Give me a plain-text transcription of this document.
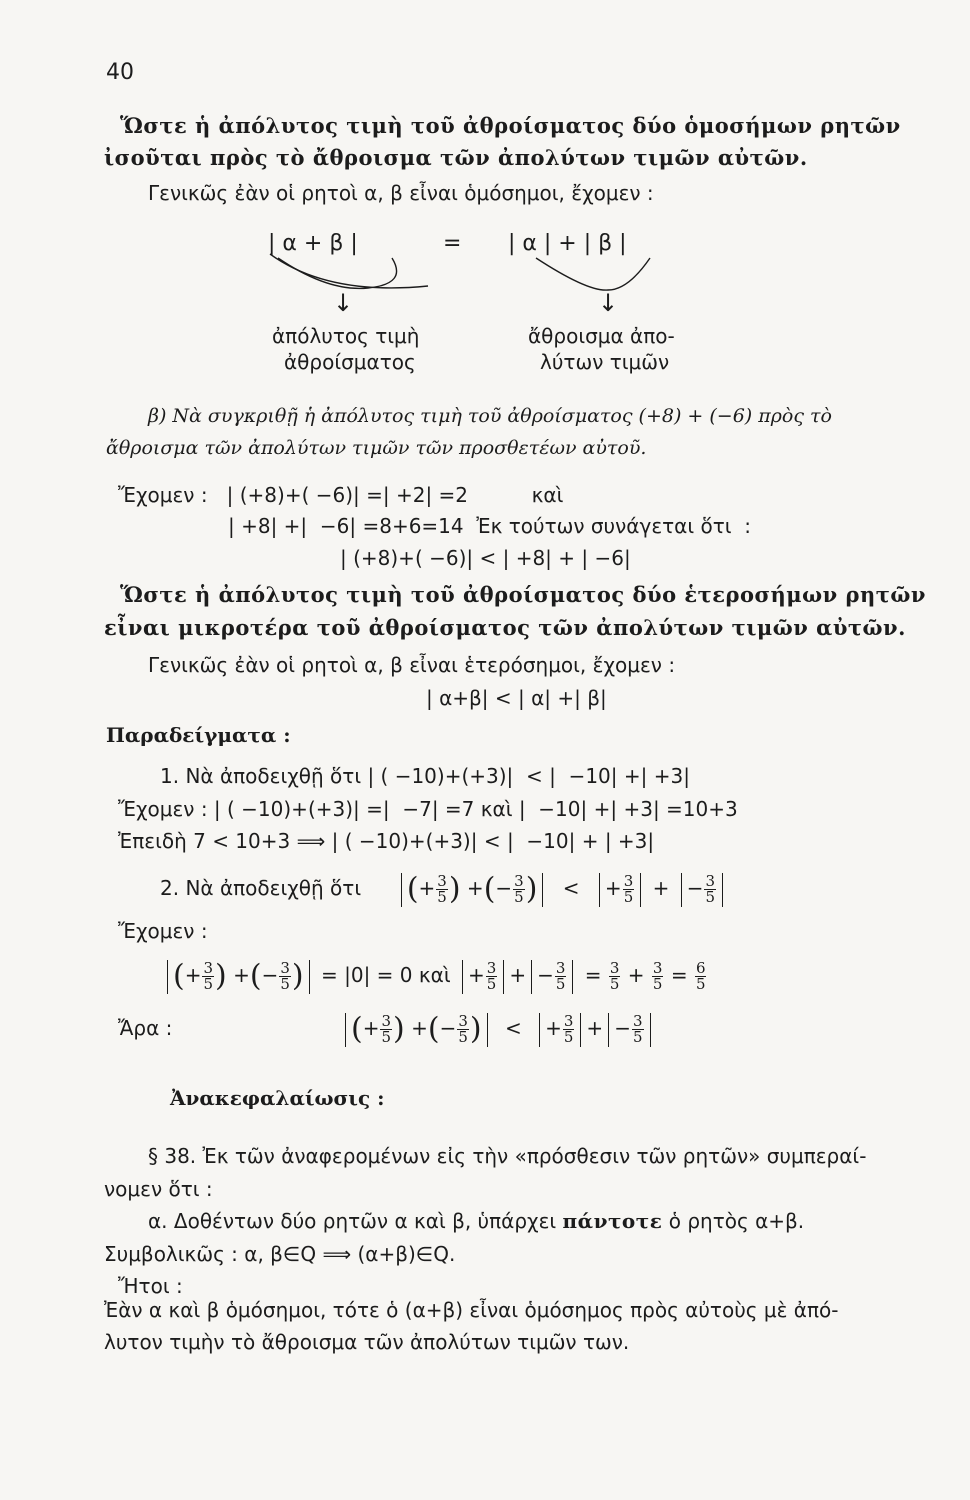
40
Ὥστε ἡ ἀπόλυτος τιμὴ τοῦ ἀθροίσματος δύο ὁμοσήμων ρητῶν
ἰσοῦται πρὸς τὸ ἄθροισμα τῶν ἀπολύτων τιμῶν αὐτῶν.
Γενικῶς ἐὰν οἱ ρητοὶ α, β εἶναι ὁμόσημοι, ἔχομεν :
| α + β |	= | α | + | β |
↓	↓
ἀπόλυτος τιμὴ
ἀθροίσματος
ἄθροισμα ἀπο-
λύτων τιμῶν
β) Νὰ συγκριθῇ ἡ ἀπόλυτος τιμὴ τοῦ ἀθροίσματος (+8) + (−6) πρὸς τὸ
ἄθροισμα τῶν ἀπολύτων τιμῶν τῶν προσθετέων αὐτοῦ.
Ἔχομεν :   | (+8)+( −6)| =| +2| =2          καὶ
| +8| +|  −6| =8+6=14  Ἐκ τούτων συνάγεται ὅτι  :
| (+8)+( −6)| < | +8| + | −6|
Ὥστε ἡ ἀπόλυτος τιμὴ τοῦ ἀθροίσματος δύο ἑτεροσήμων ρητῶν
εἶναι μικροτέρα τοῦ ἀθροίσματος τῶν ἀπολύτων τιμῶν αὐτῶν.
Γενικῶς ἐὰν οἱ ρητοὶ α, β εἶναι ἑτερόσημοι, ἔχομεν :
| α+β| < | α| +| β|
Παραδείγματα :
1. Νὰ ἀποδειχθῇ ὅτι | ( −10)+(+3)|  < |  −10| +| +3|
Ἔχομεν : | ( −10)+(+3)| =|  −7| =7 καὶ |  −10| +| +3| =10+3
Ἐπειδὴ 7 < 10+3 ⟹ | ( −10)+(+3)| < |  −10| + | +3|
2. Νὰ ἀποδειχθῇ ὅτι (+ $\frac{3}{5}$ ) +(− $\frac{3}{5}$ ) < + $\frac{3}{5}$ + − $\frac{3}{5}$
Ἔχομεν :
(+ $\frac{3}{5}$ ) +(− $\frac{3}{5}$ ) = |0| = 0 καὶ + $\frac{3}{5}$ + − $\frac{3}{5} = \frac{3}{5} + \frac{3}{5} = \frac{6}{5}$
Ἄρα :	(+ $\frac{3}{5}$ ) +(− $\frac{3}{5}$ ) < + $\frac{3}{5}$ + − $\frac{3}{5}$
Ἀνακεφαλαίωσις :
§ 38. Ἐκ τῶν ἀναφερομένων εἰς τὴν «πρόσθεσιν τῶν ρητῶν» συμπεραί-
νομεν ὅτι :
α. Δοθέντων δύο ρητῶν α καὶ β, ὑπάρχει πάντοτε ὁ ρητὸς α+β.
Συμβολικῶς : α, β∈Q ⟹ (α+β)∈Q.
Ἤτοι :
Ἐὰν α καὶ β ὁμόσημοι, τότε ὁ (α+β) εἶναι ὁμόσημος πρὸς αὐτοὺς μὲ ἀπό-
λυτον τιμὴν τὸ ἄθροισμα τῶν ἀπολύτων τιμῶν των.
